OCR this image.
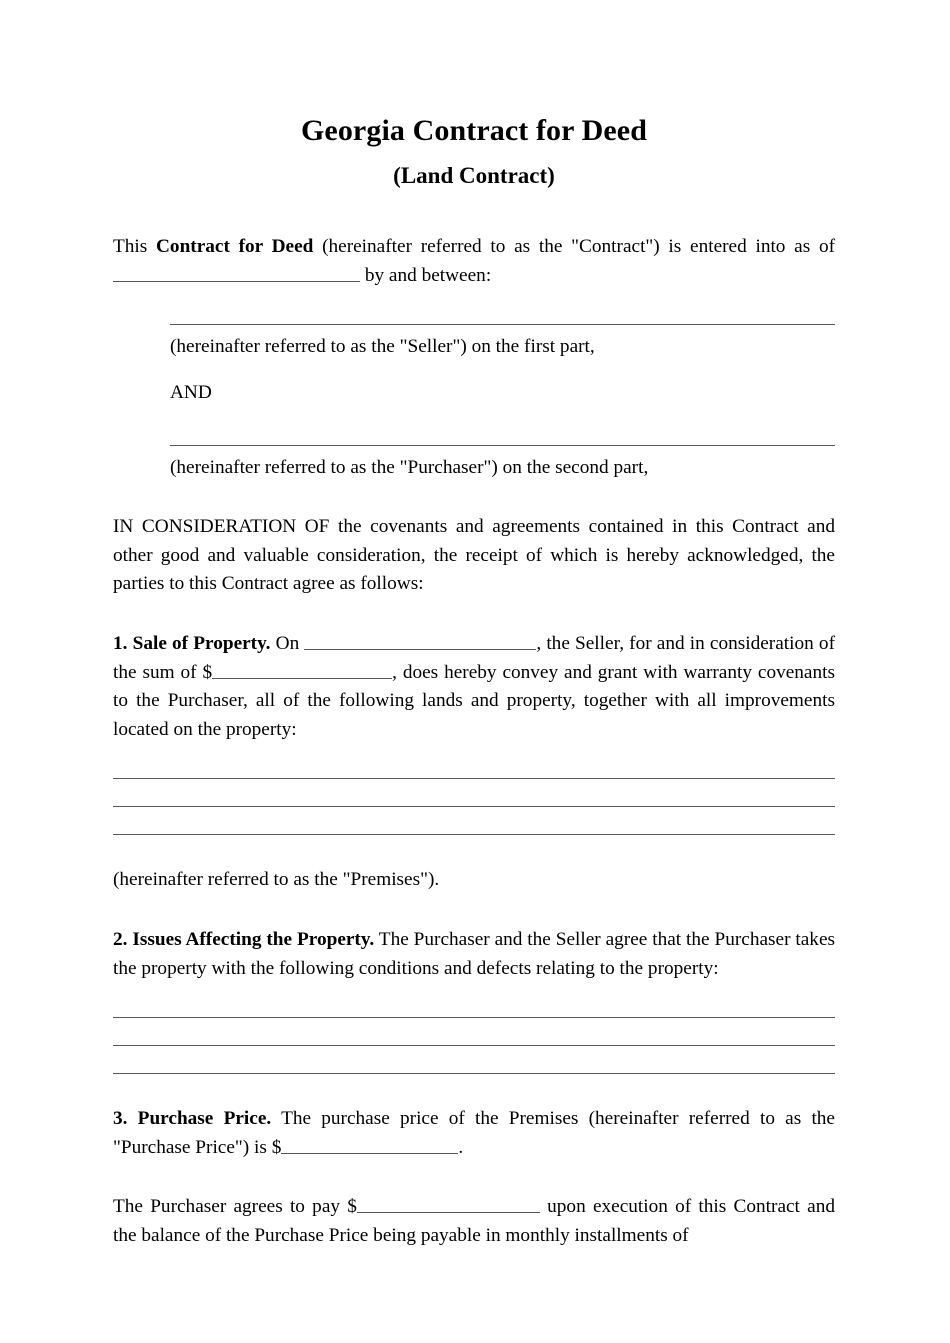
Georgia Contract for Deed
(Land Contract)

This Contract for Deed (hereinafter referred to as the "Contract") is entered into as of  by and between:

(hereinafter referred to as the "Seller") on the first part,

AND

(hereinafter referred to as the "Purchaser") on the second part,

IN CONSIDERATION OF the covenants and agreements contained in this Contract and other good and valuable consideration, the receipt of which is hereby acknowledged, the parties to this Contract agree as follows:

1. Sale of Property. On	, the Seller, for and in consideration of the sum of $	, does hereby convey and grant with warranty covenants to the Purchaser, all of the following lands and property, together with all improvements located on the property:

(hereinafter referred to as the "Premises").

2. Issues Affecting the Property. The Purchaser and the Seller agree that the Purchaser takes the property with the following conditions and defects relating to the property:

3. Purchase Price. The purchase price of the Premises (hereinafter referred to as the "Purchase Price") is $	.

The Purchaser agrees to pay $	upon execution of this Contract and the balance of the Purchase Price being payable in monthly installments of
